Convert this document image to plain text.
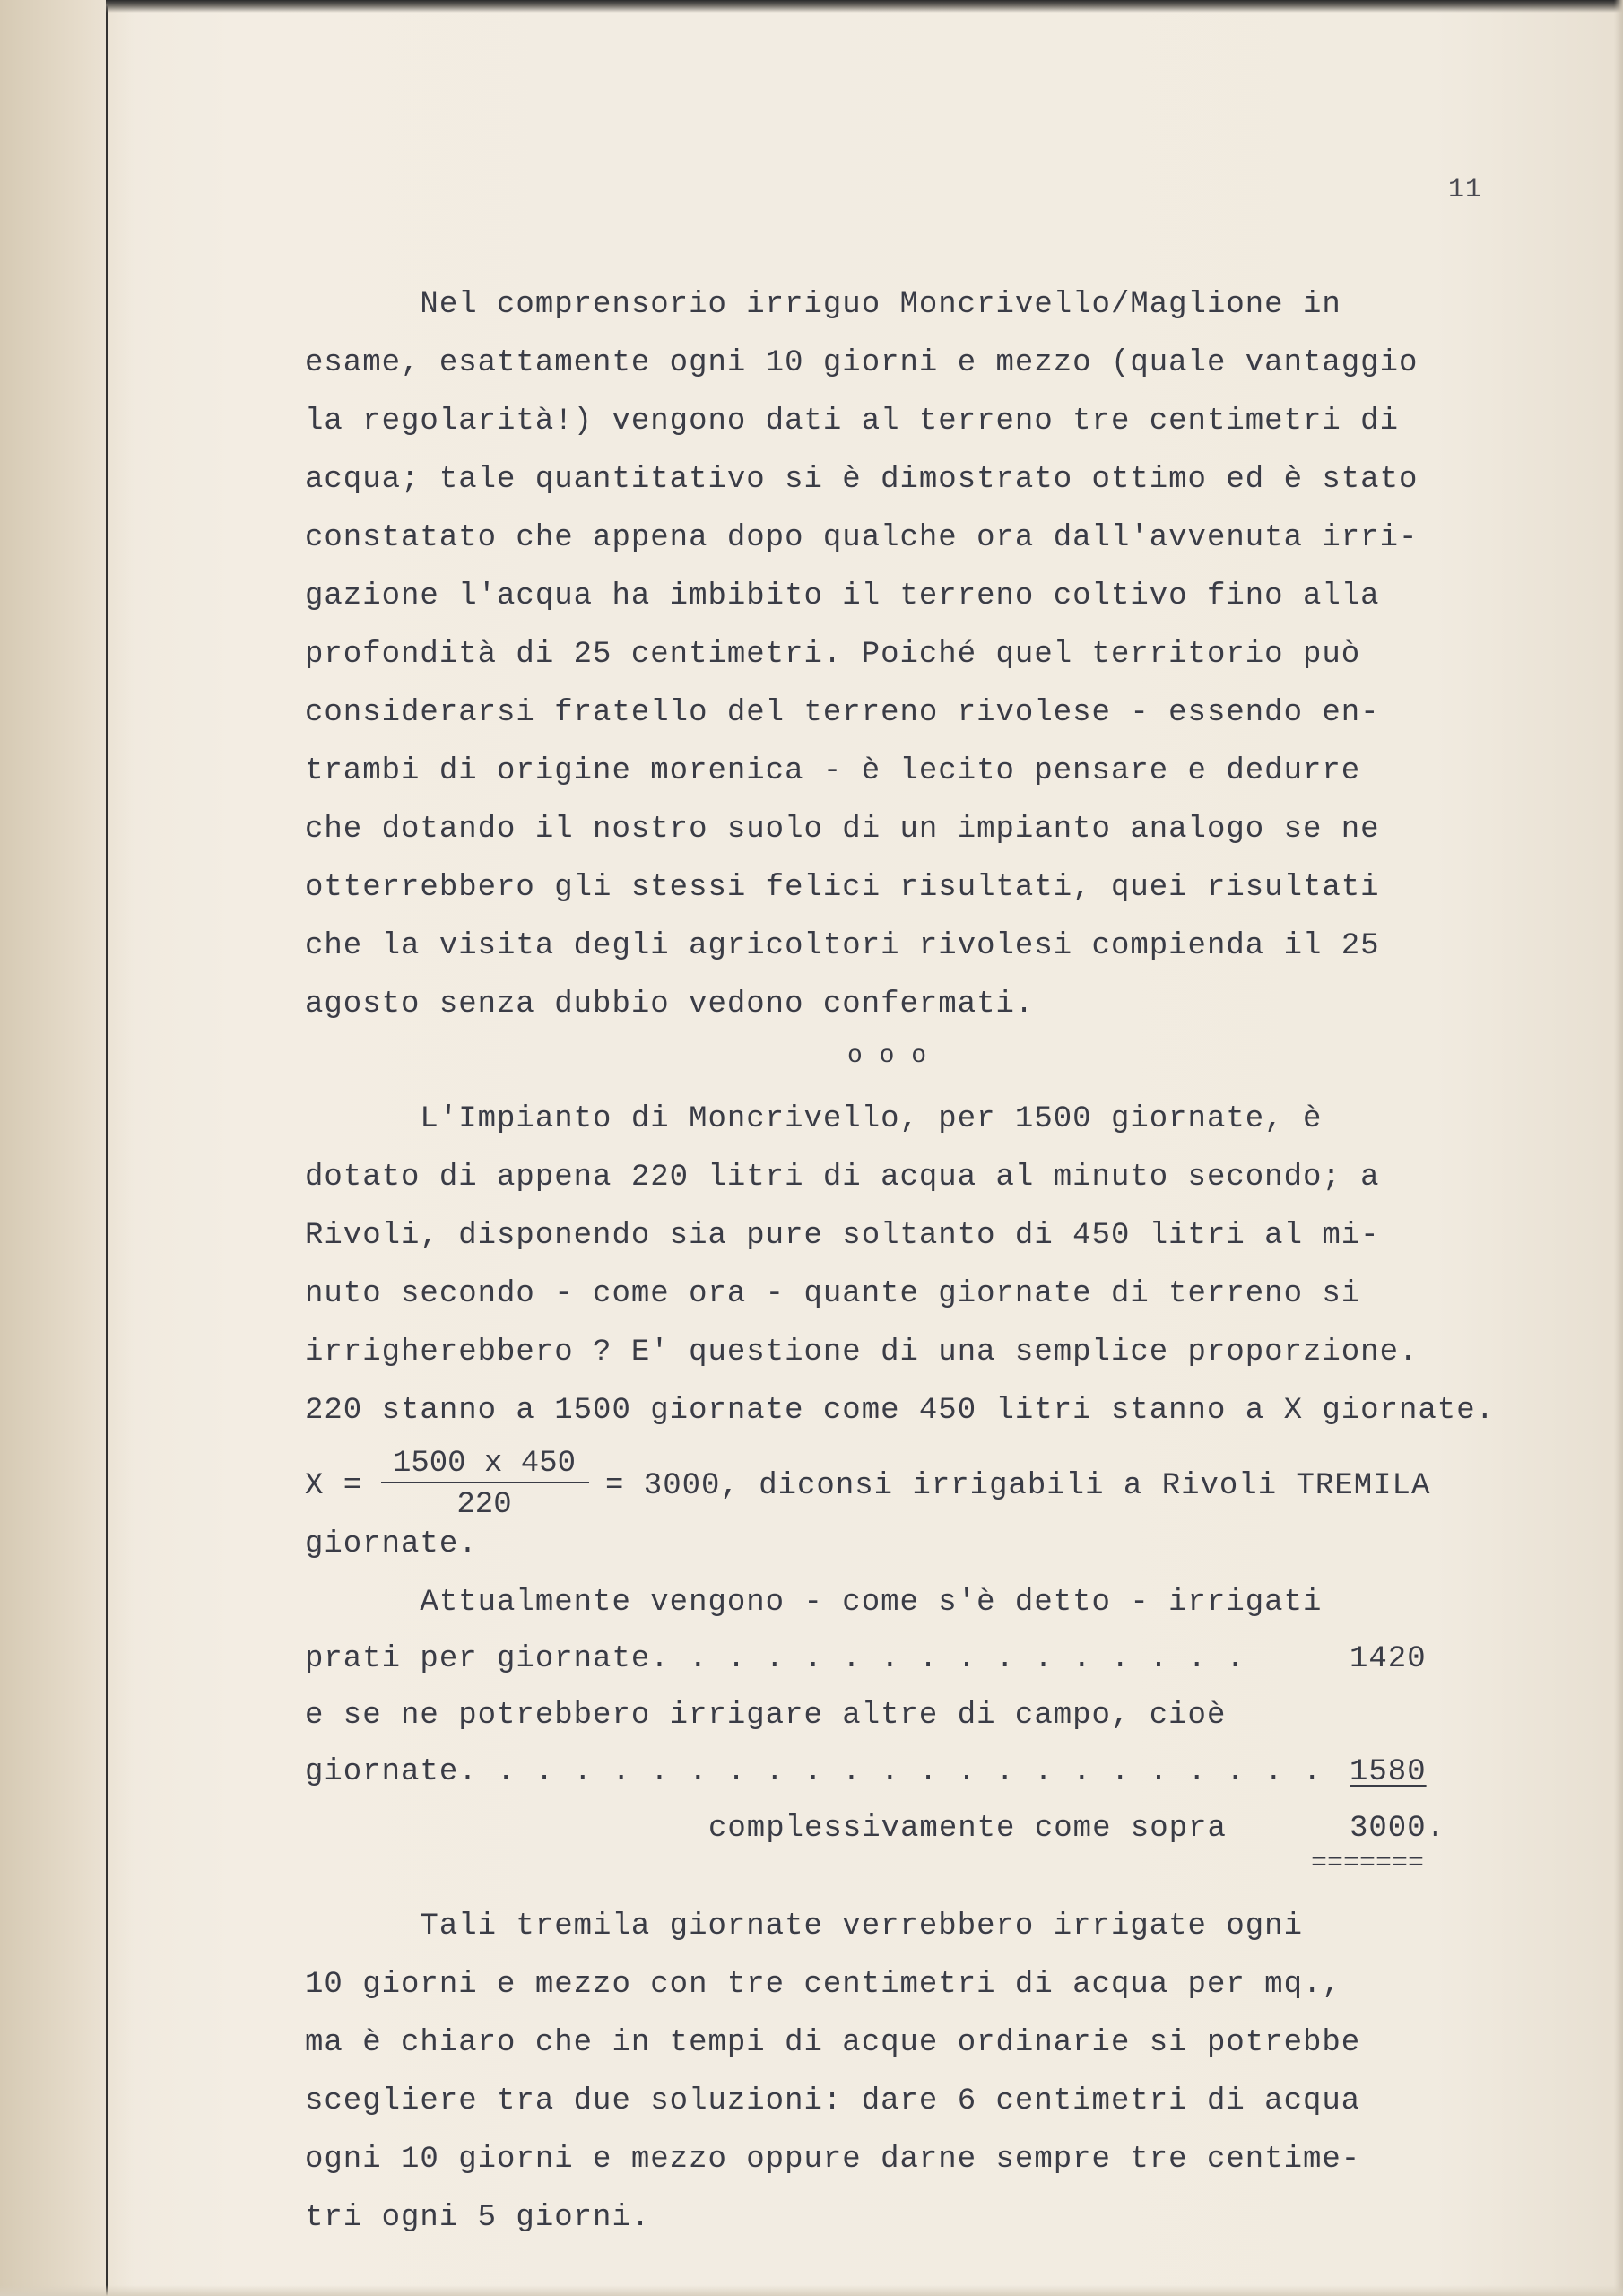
11
Nel comprensorio irriguo Moncrivello/Maglione in
esame, esattamente ogni 10 giorni e mezzo (quale vantaggio
la regolarità!) vengono dati al terreno tre centimetri di
acqua; tale quantitativo si è dimostrato ottimo ed è stato
constatato che appena dopo qualche ora dall'avvenuta irri-
gazione l'acqua ha imbibito il terreno coltivo fino alla
profondità di 25 centimetri. Poiché quel territorio può
considerarsi fratello del terreno rivolese - essendo en-
trambi di origine morenica - è lecito pensare e dedurre
che dotando il nostro suolo di un impianto analogo se ne
otterrebbero gli stessi felici risultati, quei risultati
che la visita degli agricoltori rivolesi compienda il 25
agosto senza dubbio vedono confermati.
o o o
L'Impianto di Moncrivello, per 1500 giornate, è
dotato di appena 220 litri di acqua al minuto secondo; a
Rivoli, disponendo sia pure soltanto di 450 litri al mi-
nuto secondo - come ora - quante giornate di terreno si
irrigherebbero ? E' questione di una semplice proporzione.
220 stanno a 1500 giornate come 450 litri stanno a X giornate.
X =
1500 x 450
220
= 3000, diconsi irrigabili a Rivoli TREMILA
giornate.
Attualmente vengono - come s'è detto - irrigati
prati per giornate. . . . . . . . . . . . . . . .	1420
e se ne potrebbero irrigare altre di campo, cioè
giornate. . . . . . . . . . . . . . . . . . . . . . . 1580
complessivamente come sopra	3000.
=======
Tali tremila giornate verrebbero irrigate ogni
10 giorni e mezzo con tre centimetri di acqua per mq.,
ma è chiaro che in tempi di acque ordinarie si potrebbe
scegliere tra due soluzioni: dare 6 centimetri di acqua
ogni 10 giorni e mezzo oppure darne sempre tre centime-
tri ogni 5 giorni.
